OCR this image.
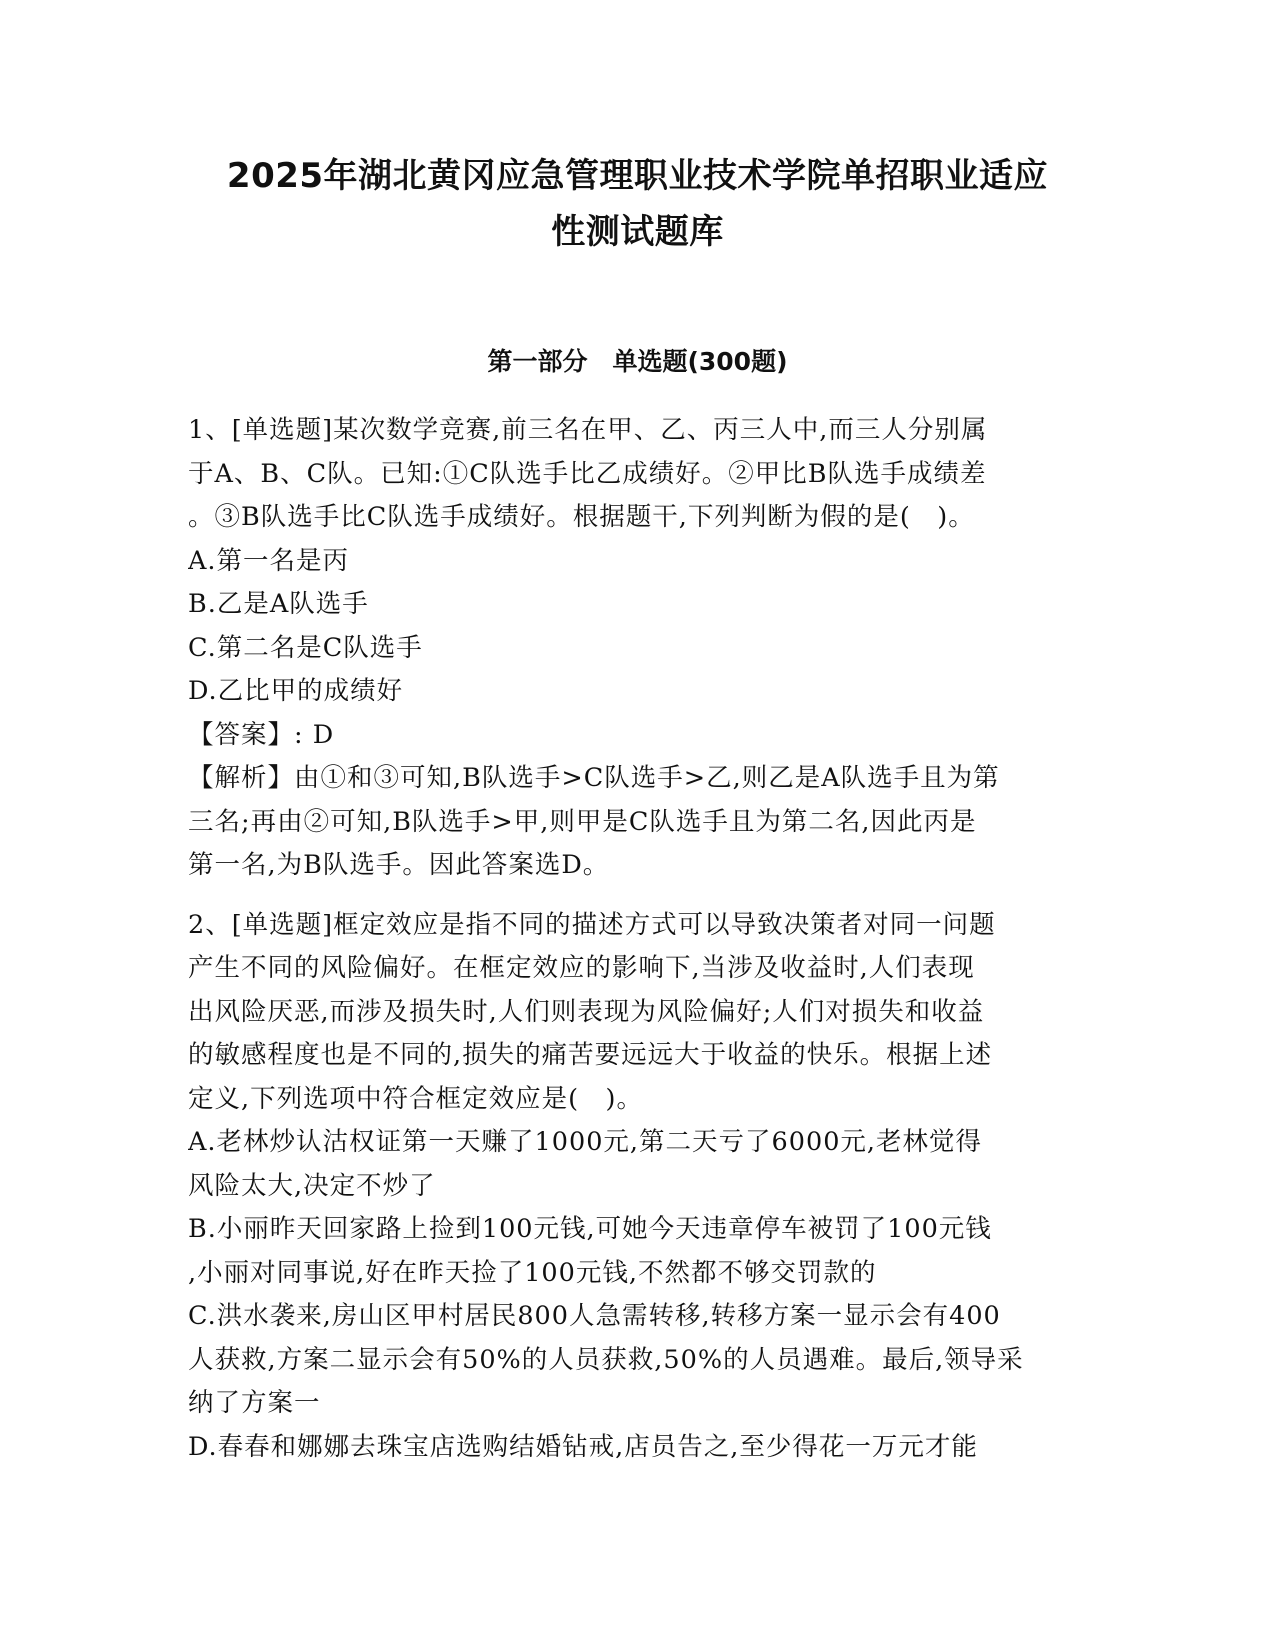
2025年湖北黄冈应急管理职业技术学院单招职业适应
性测试题库
第一部分　单选题(300题)
1、[单选题]某次数学竞赛,前三名在甲、乙、丙三人中,而三人分别属
于A、B、C队。已知:①C队选手比乙成绩好。②甲比B队选手成绩差
。③B队选手比C队选手成绩好。根据题干,下列判断为假的是(　)。
A.第一名是丙
B.乙是A队选手
C.第二名是C队选手
D.乙比甲的成绩好
【答案】: D
【解析】由①和③可知,B队选手>C队选手>乙,则乙是A队选手且为第
三名;再由②可知,B队选手>甲,则甲是C队选手且为第二名,因此丙是
第一名,为B队选手。因此答案选D。
2、[单选题]框定效应是指不同的描述方式可以导致决策者对同一问题
产生不同的风险偏好。在框定效应的影响下,当涉及收益时,人们表现
出风险厌恶,而涉及损失时,人们则表现为风险偏好;人们对损失和收益
的敏感程度也是不同的,损失的痛苦要远远大于收益的快乐。根据上述
定义,下列选项中符合框定效应是(　)。
A.老林炒认沽权证第一天赚了1000元,第二天亏了6000元,老林觉得
风险太大,决定不炒了
B.小丽昨天回家路上捡到100元钱,可她今天违章停车被罚了100元钱
,小丽对同事说,好在昨天捡了100元钱,不然都不够交罚款的
C.洪水袭来,房山区甲村居民800人急需转移,转移方案一显示会有400
人获救,方案二显示会有50%的人员获救,50%的人员遇难。最后,领导采
纳了方案一
D.春春和娜娜去珠宝店选购结婚钻戒,店员告之,至少得花一万元才能
